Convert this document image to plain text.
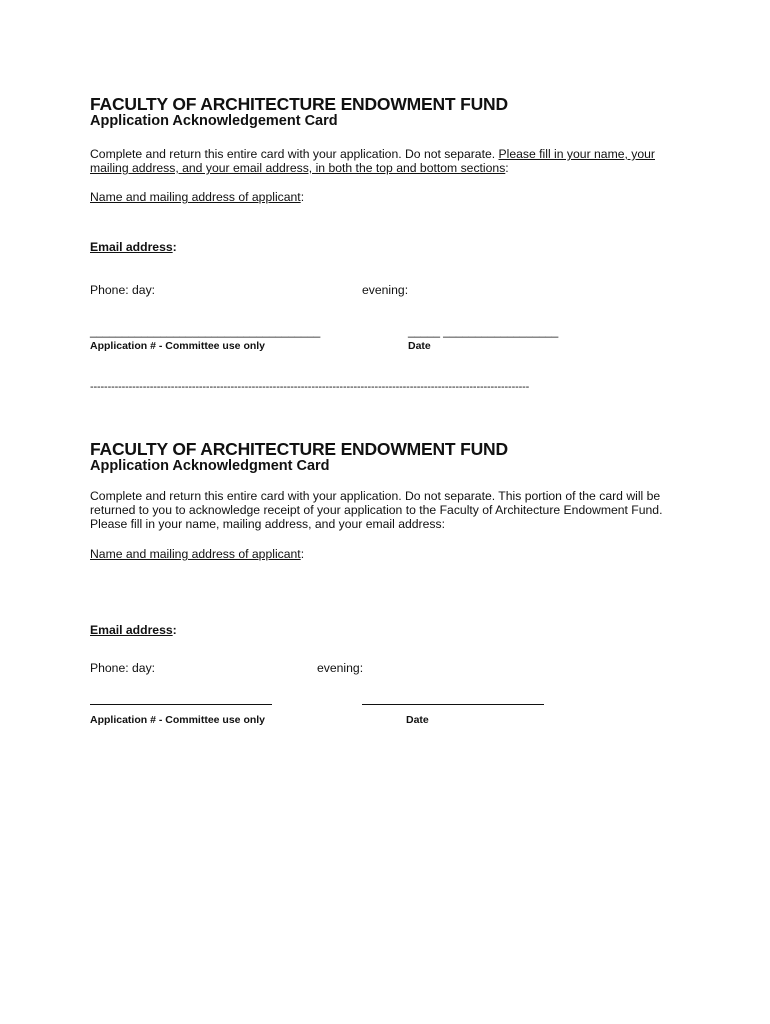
FACULTY OF ARCHITECTURE ENDOWMENT FUND
Application Acknowledgement Card
Complete and return this entire card with your application. Do not separate. Please fill in your name, your mailing address, and your email address, in both the top and bottom sections:
Name and mailing address of applicant:
Email address:
Phone: day:	evening:
____________________________________	_____ __________________
Application # - Committee use only	Date
-----------------------------------------------------------------------------------------------------------------------------
FACULTY OF ARCHITECTURE ENDOWMENT FUND
Application Acknowledgment Card
Complete and return this entire card with your application. Do not separate. This portion of the card will be returned to you to acknowledge receipt of your application to the Faculty of Architecture Endowment Fund. Please fill in your name, mailing address, and your email address:
Name and mailing address of applicant:
Email address:
Phone: day:	evening:
Application # - Committee use only	Date
